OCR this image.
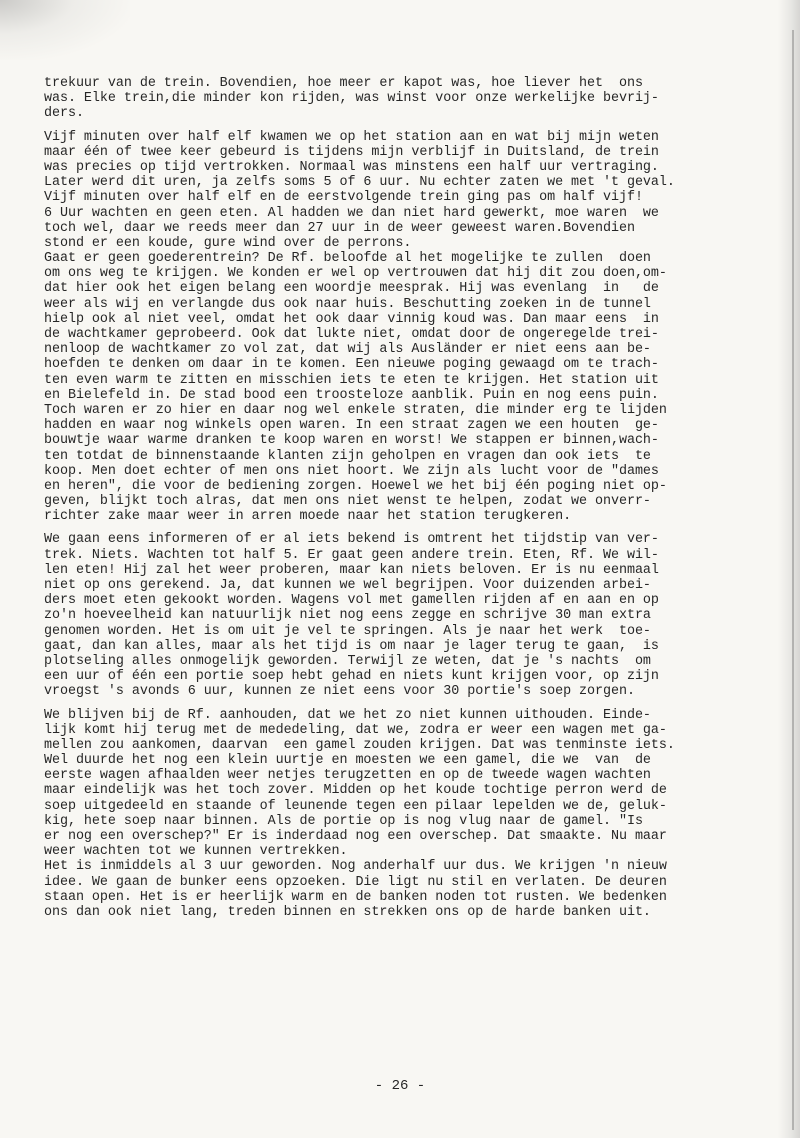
trekuur van de trein. Bovendien, hoe meer er kapot was, hoe liever het  ons
was. Elke trein,die minder kon rijden, was winst voor onze werkelijke bevrij-
ders.
Vijf minuten over half elf kwamen we op het station aan en wat bij mijn weten
maar één of twee keer gebeurd is tijdens mijn verblijf in Duitsland, de trein
was precies op tijd vertrokken. Normaal was minstens een half uur vertraging.
Later werd dit uren, ja zelfs soms 5 of 6 uur. Nu echter zaten we met 't geval.
Vijf minuten over half elf en de eerstvolgende trein ging pas om half vijf!
6 Uur wachten en geen eten. Al hadden we dan niet hard gewerkt, moe waren  we
toch wel, daar we reeds meer dan 27 uur in de weer geweest waren.Bovendien
stond er een koude, gure wind over de perrons.
Gaat er geen goederentrein? De Rf. beloofde al het mogelijke te zullen  doen
om ons weg te krijgen. We konden er wel op vertrouwen dat hij dit zou doen,om-
dat hier ook het eigen belang een woordje meesprak. Hij was evenlang  in   de
weer als wij en verlangde dus ook naar huis. Beschutting zoeken in de tunnel
hielp ook al niet veel, omdat het ook daar vinnig koud was. Dan maar eens  in
de wachtkamer geprobeerd. Ook dat lukte niet, omdat door de ongeregelde trei-
nenloop de wachtkamer zo vol zat, dat wij als Ausländer er niet eens aan be-
hoefden te denken om daar in te komen. Een nieuwe poging gewaagd om te trach-
ten even warm te zitten en misschien iets te eten te krijgen. Het station uit
en Bielefeld in. De stad bood een troosteloze aanblik. Puin en nog eens puin.
Toch waren er zo hier en daar nog wel enkele straten, die minder erg te lijden
hadden en waar nog winkels open waren. In een straat zagen we een houten  ge-
bouwtje waar warme dranken te koop waren en worst! We stappen er binnen,wach-
ten totdat de binnenstaande klanten zijn geholpen en vragen dan ook iets  te
koop. Men doet echter of men ons niet hoort. We zijn als lucht voor de "dames
en heren", die voor de bediening zorgen. Hoewel we het bij één poging niet op-
geven, blijkt toch alras, dat men ons niet wenst te helpen, zodat we onverr-
richter zake maar weer in arren moede naar het station terugkeren.
We gaan eens informeren of er al iets bekend is omtrent het tijdstip van ver-
trek. Niets. Wachten tot half 5. Er gaat geen andere trein. Eten, Rf. We wil-
len eten! Hij zal het weer proberen, maar kan niets beloven. Er is nu eenmaal
niet op ons gerekend. Ja, dat kunnen we wel begrijpen. Voor duizenden arbei-
ders moet eten gekookt worden. Wagens vol met gamellen rijden af en aan en op
zo'n hoeveelheid kan natuurlijk niet nog eens zegge en schrijve 30 man extra
genomen worden. Het is om uit je vel te springen. Als je naar het werk  toe-
gaat, dan kan alles, maar als het tijd is om naar je lager terug te gaan,  is
plotseling alles onmogelijk geworden. Terwijl ze weten, dat je 's nachts  om
een uur of één een portie soep hebt gehad en niets kunt krijgen voor, op zijn
vroegst 's avonds 6 uur, kunnen ze niet eens voor 30 portie's soep zorgen.
We blijven bij de Rf. aanhouden, dat we het zo niet kunnen uithouden. Einde-
lijk komt hij terug met de mededeling, dat we, zodra er weer een wagen met ga-
mellen zou aankomen, daarvan  een gamel zouden krijgen. Dat was tenminste iets.
Wel duurde het nog een klein uurtje en moesten we een gamel, die we  van  de
eerste wagen afhaalden weer netjes terugzetten en op de tweede wagen wachten
maar eindelijk was het toch zover. Midden op het koude tochtige perron werd de
soep uitgedeeld en staande of leunende tegen een pilaar lepelden we de, geluk-
kig, hete soep naar binnen. Als de portie op is nog vlug naar de gamel. "Is
er nog een overschep?" Er is inderdaad nog een overschep. Dat smaakte. Nu maar
weer wachten tot we kunnen vertrekken.
Het is inmiddels al 3 uur geworden. Nog anderhalf uur dus. We krijgen 'n nieuw
idee. We gaan de bunker eens opzoeken. Die ligt nu stil en verlaten. De deuren
staan open. Het is er heerlijk warm en de banken noden tot rusten. We bedenken
ons dan ook niet lang, treden binnen en strekken ons op de harde banken uit.
- 26 -
